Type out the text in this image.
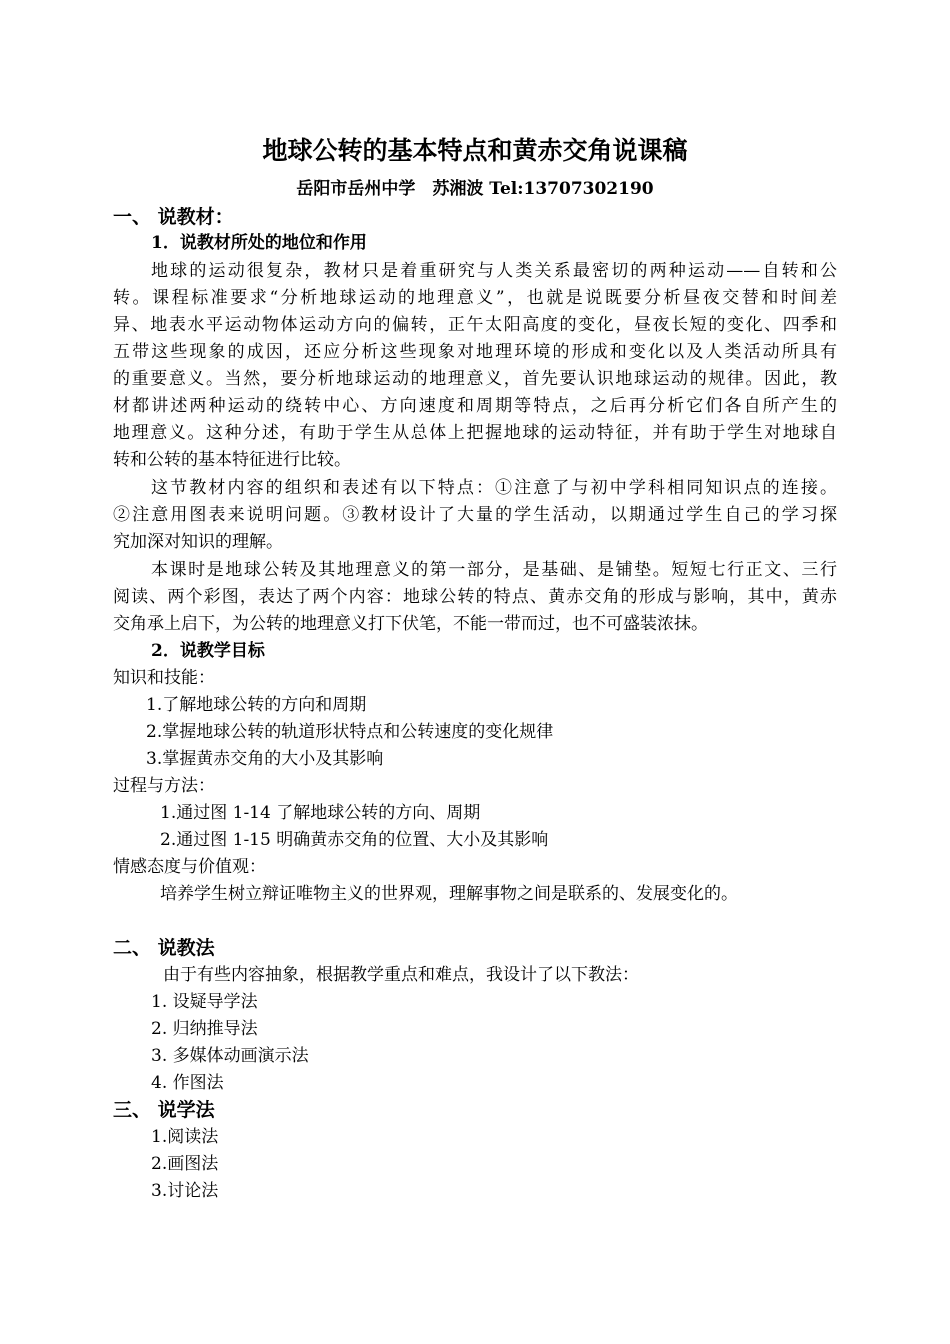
地球公转的基本特点和黄赤交角说课稿
岳阳市岳州中学　苏湘波 Tel:13707302190
一、 说教材：
1．说教材所处的地位和作用
地球的运动很复杂，教材只是着重研究与人类关系最密切的两种运动——自转和公
转。课程标准要求“分析地球运动的地理意义”，也就是说既要分析昼夜交替和时间差
异、地表水平运动物体运动方向的偏转，正午太阳高度的变化，昼夜长短的变化、四季和
五带这些现象的成因，还应分析这些现象对地理环境的形成和变化以及人类活动所具有
的重要意义。当然，要分析地球运动的地理意义，首先要认识地球运动的规律。因此，教
材都讲述两种运动的绕转中心、方向速度和周期等特点，之后再分析它们各自所产生的
地理意义。这种分述，有助于学生从总体上把握地球的运动特征，并有助于学生对地球自
转和公转的基本特征进行比较。
这节教材内容的组织和表述有以下特点：①注意了与初中学科相同知识点的连接。
②注意用图表来说明问题。③教材设计了大量的学生活动，以期通过学生自己的学习探
究加深对知识的理解。
本课时是地球公转及其地理意义的第一部分，是基础、是铺垫。短短七行正文、三行
阅读、两个彩图，表达了两个内容：地球公转的特点、黄赤交角的形成与影响，其中，黄赤
交角承上启下，为公转的地理意义打下伏笔，不能一带而过，也不可盛装浓抹。
2．说教学目标
知识和技能：
1.了解地球公转的方向和周期
2.掌握地球公转的轨道形状特点和公转速度的变化规律
3.掌握黄赤交角的大小及其影响
过程与方法：
1.通过图 1-14 了解地球公转的方向、周期
2.通过图 1-15 明确黄赤交角的位置、大小及其影响
情感态度与价值观：
培养学生树立辩证唯物主义的世界观，理解事物之间是联系的、发展变化的。
二、 说教法
由于有些内容抽象，根据教学重点和难点，我设计了以下教法：
1. 设疑导学法
2. 归纳推导法
3. 多媒体动画演示法
4. 作图法
三、 说学法
1.阅读法
2.画图法
3.讨论法
